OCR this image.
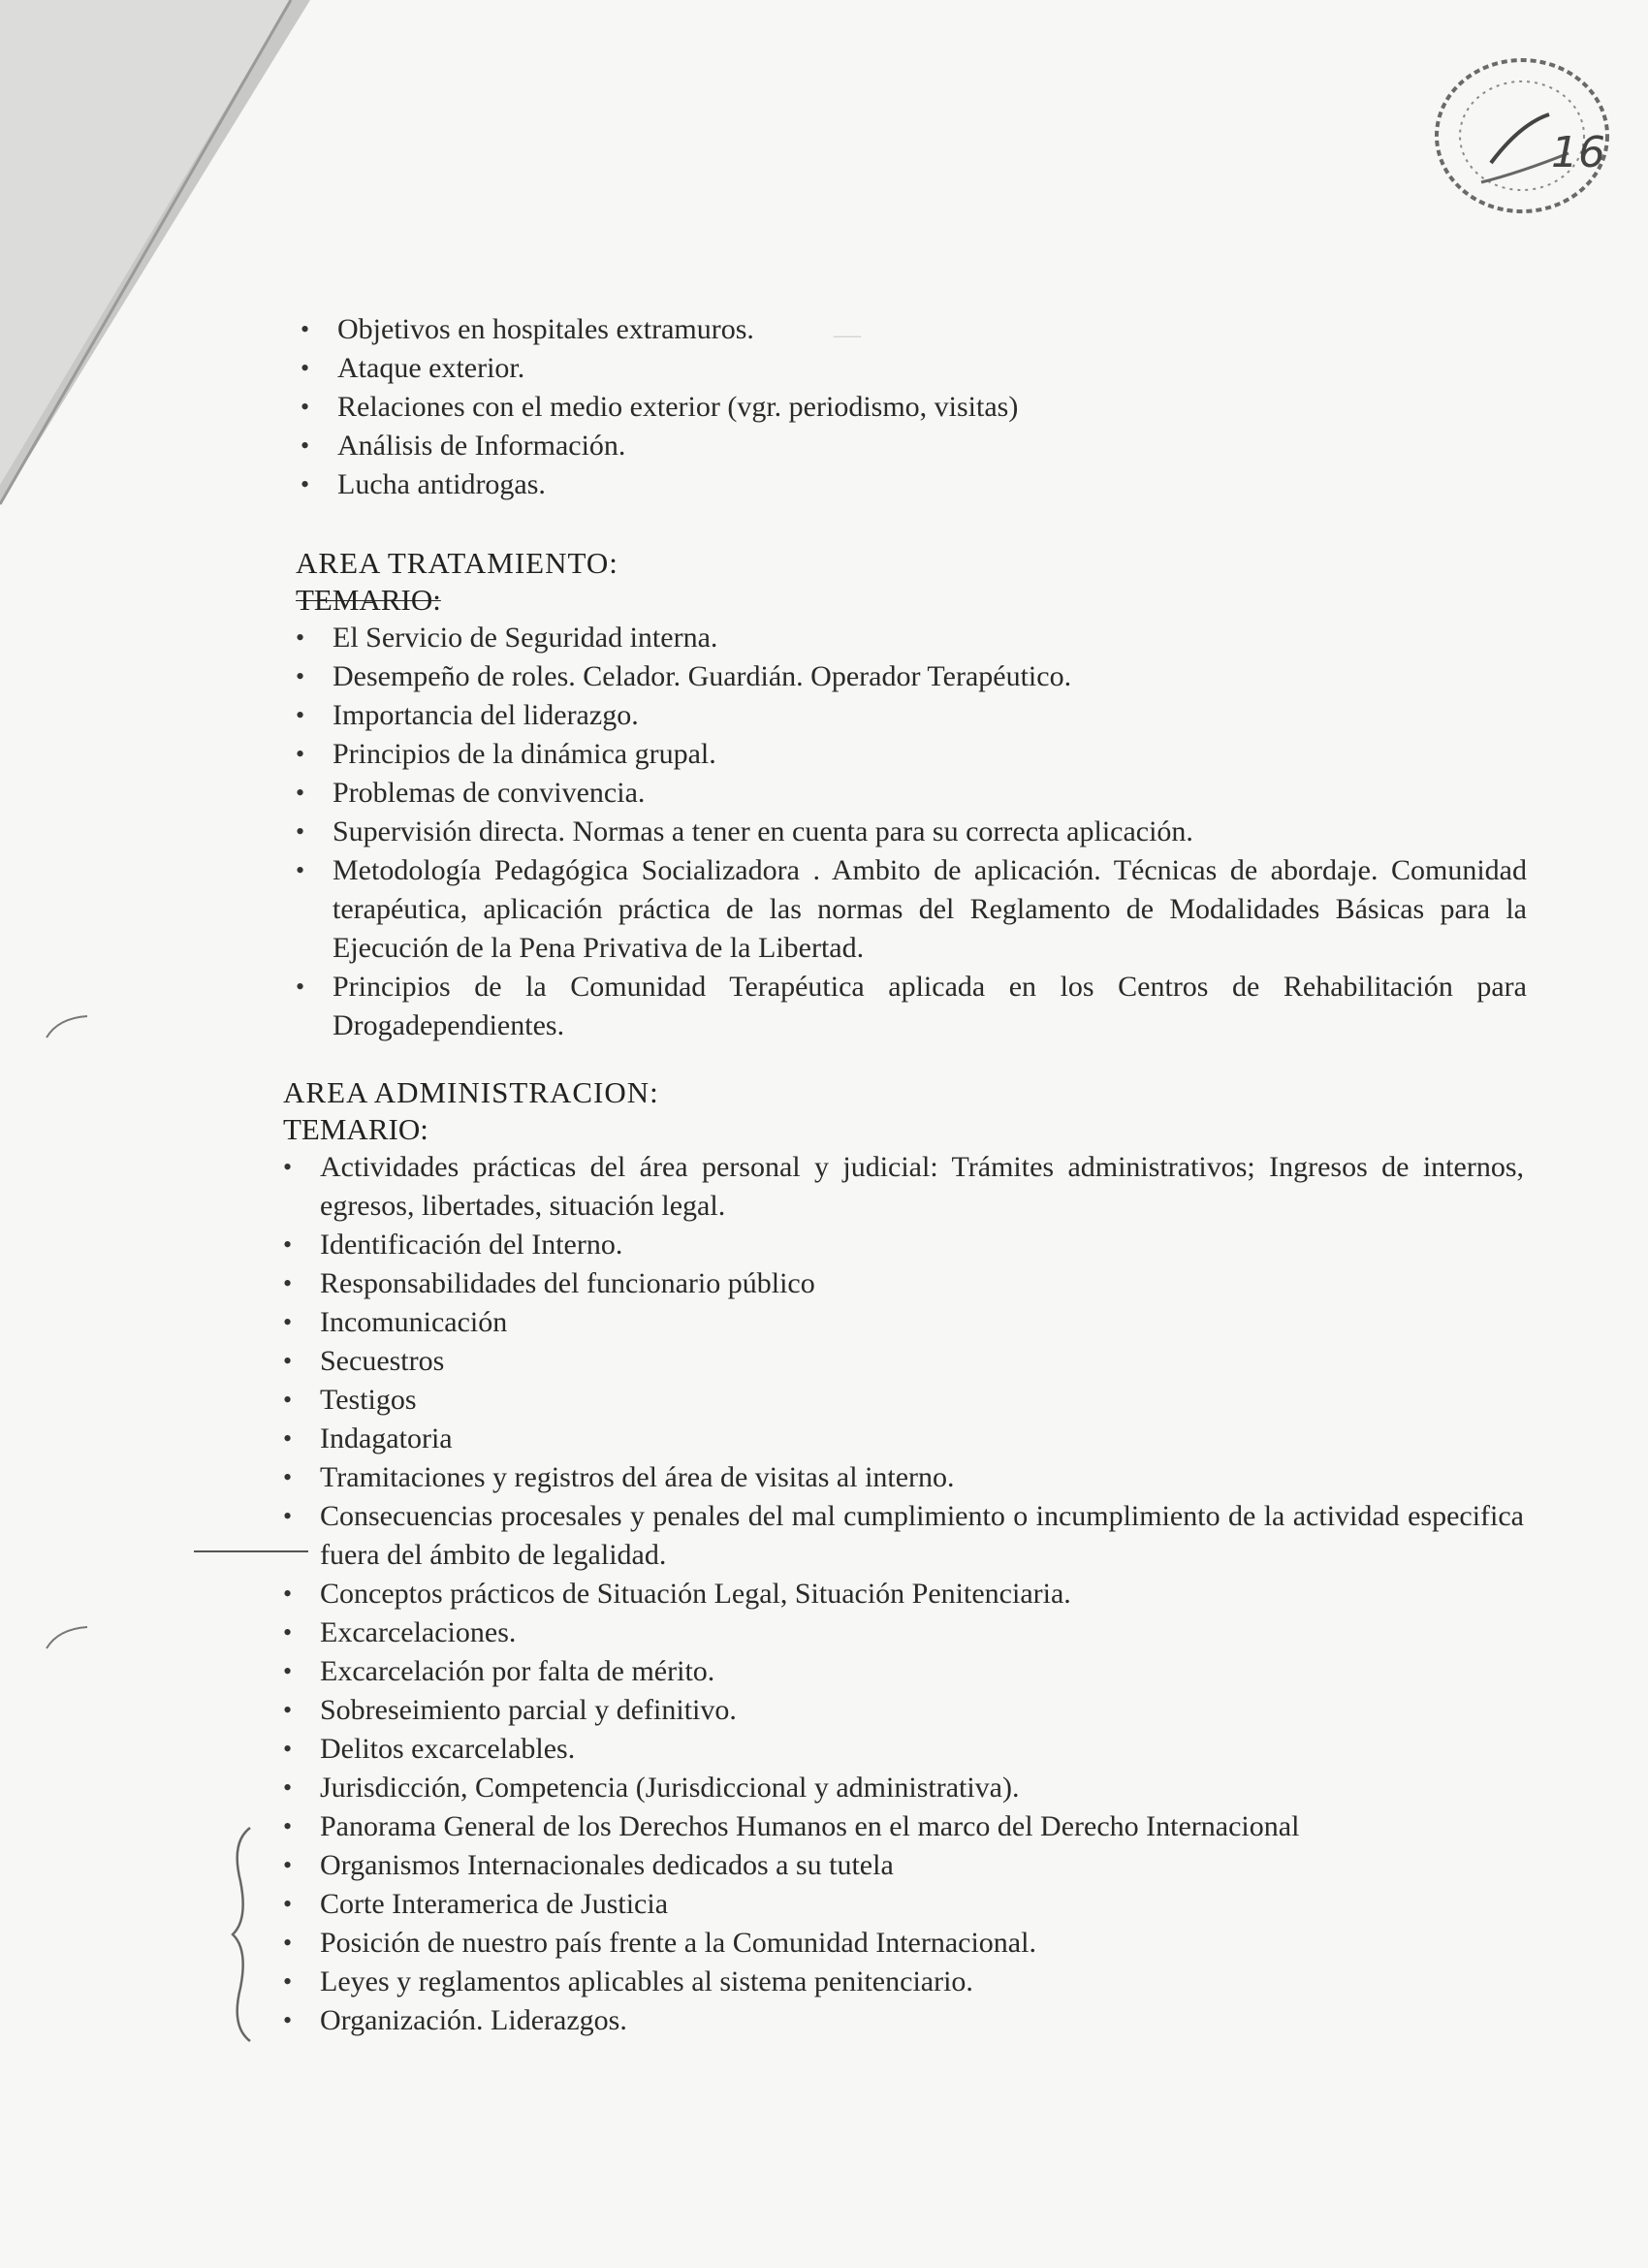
16
—
• Objetivos en hospitales extramuros.
• Ataque exterior.
• Relaciones con el medio exterior (vgr. periodismo, visitas)
• Análisis de Información.
• Lucha antidrogas.
AREA TRATAMIENTO:
TEMARIO:
• El Servicio de Seguridad interna.
• Desempeño de roles. Celador. Guardián. Operador Terapéutico.
• Importancia del liderazgo.
• Principios de la dinámica grupal.
• Problemas de convivencia.
• Supervisión directa. Normas a tener en cuenta para su correcta aplicación.
• Metodología Pedagógica Socializadora . Ambito de aplicación. Técnicas de abordaje. Comunidad terapéutica, aplicación práctica de las normas del Reglamento de Modalidades Básicas para la Ejecución de la Pena Privativa de la Libertad.
• Principios de la Comunidad Terapéutica aplicada en los Centros de Rehabilitación para Drogadependientes.
AREA ADMINISTRACION:
TEMARIO:
• Actividades prácticas del área personal y judicial: Trámites administrativos; Ingresos de internos, egresos, libertades, situación legal.
• Identificación del Interno.
• Responsabilidades del funcionario público
• Incomunicación
• Secuestros
• Testigos
• Indagatoria
• Tramitaciones y registros del área de visitas al interno.
• Consecuencias procesales y penales del mal cumplimiento o incumplimiento de la actividad especifica fuera del ámbito de legalidad.
• Conceptos prácticos de Situación Legal, Situación Penitenciaria.
• Excarcelaciones.
• Excarcelación por falta de mérito.
• Sobreseimiento parcial y definitivo.
• Delitos excarcelables.
• Jurisdicción, Competencia (Jurisdiccional y administrativa).
• Panorama General de los Derechos Humanos en el marco del Derecho Internacional
• Organismos Internacionales dedicados a su tutela
• Corte Interamerica de Justicia
• Posición de nuestro país frente a la Comunidad Internacional.
• Leyes y reglamentos aplicables al sistema penitenciario.
• Organización. Liderazgos.
